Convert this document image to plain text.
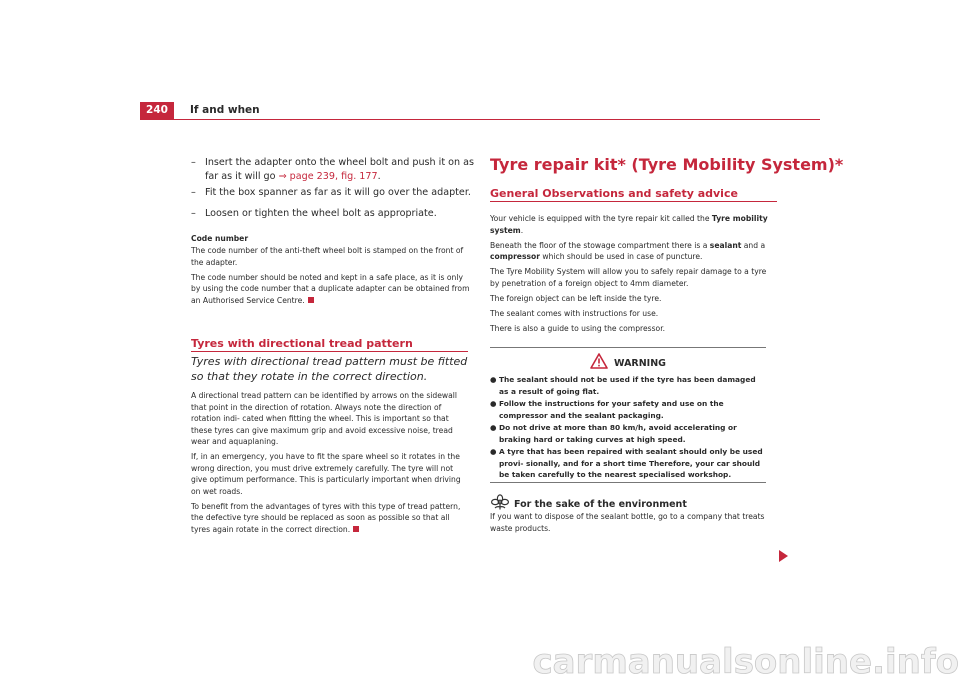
240	If and when
– Insert the adapter onto the wheel bolt and push it on as far as it will go ⇒ page 239, fig. 177.
– Fit the box spanner as far as it will go over the adapter.
– Loosen or tighten the wheel bolt as appropriate.
Code number

The code number of the anti-theft wheel bolt is stamped on the front of the adapter.

The code number should be noted and kept in a safe place, as it is only by using the code number that a duplicate adapter can be obtained from an Authorised Service Centre.

Tyres with directional tread pattern
Tyres with directional tread pattern must be fitted so that they rotate in the correct direction.

A directional tread pattern can be identified by arrows on the sidewall that point in the direction of rotation. Always note the direction of rotation indi- cated when fitting the wheel. This is important so that these tyres can give maximum grip and avoid excessive noise, tread wear and aquaplaning.

If, in an emergency, you have to fit the spare wheel so it rotates in the wrong direction, you must drive extremely carefully. The tyre will not give optimum performance. This is particularly important when driving on wet roads.

To benefit from the advantages of tyres with this type of tread pattern, the defective tyre should be replaced as soon as possible so that all tyres again rotate in the correct direction.

Tyre repair kit* (Tyre Mobility System)*
General Observations and safety advice

Your vehicle is equipped with the tyre repair kit called the Tyre mobility system.

Beneath the floor of the stowage compartment there is a sealant and a compressor which should be used in case of puncture.

The Tyre Mobility System will allow you to safely repair damage to a tyre by penetration of a foreign object to 4mm diameter.

The foreign object can be left inside the tyre.

The sealant comes with instructions for use.

There is also a guide to using the compressor.

WARNING
● The sealant should not be used if the tyre has been damaged as a result of going flat.
● Follow the instructions for your safety and use on the compressor and the sealant packaging.
● Do not drive at more than 80 km/h, avoid accelerating or braking hard or taking curves at high speed.
● A tyre that has been repaired with sealant should only be used provi- sionally, and for a short time Therefore, your car should be taken carefully to the nearest specialised workshop.
For the sake of the environment
If you want to dispose of the sealant bottle, go to a company that treats waste products.
carmanualsonline.info
